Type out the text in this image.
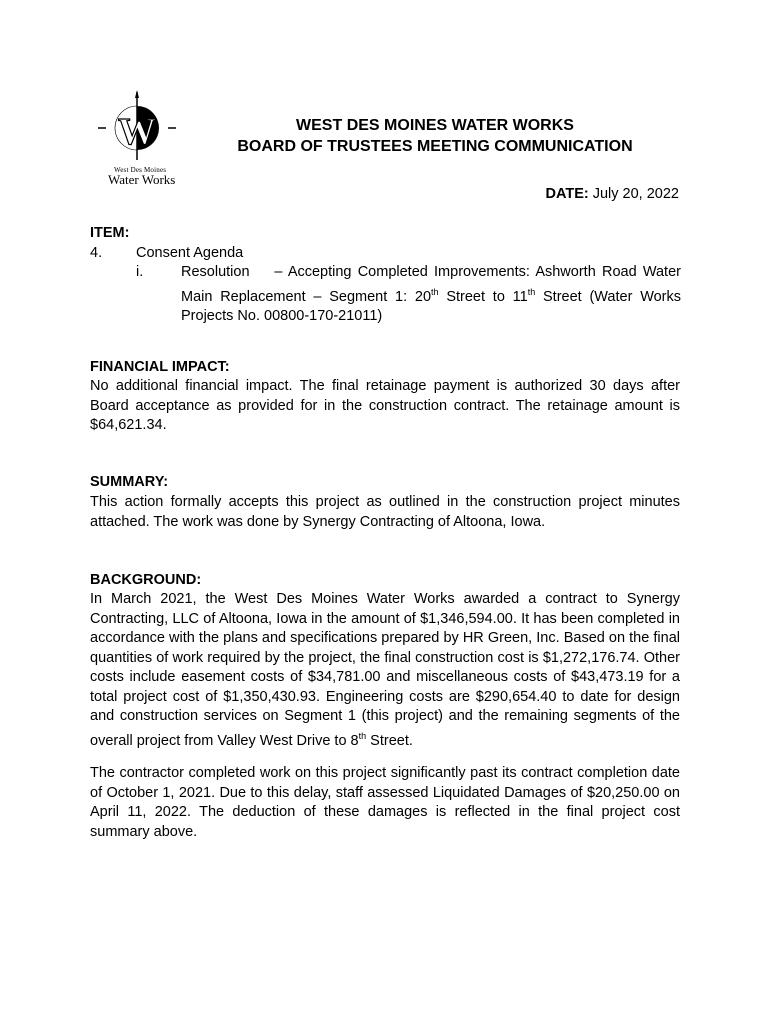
W
West Des Moines
Water Works
WEST DES MOINES WATER WORKS
BOARD OF TRUSTEES MEETING COMMUNICATION
DATE: July 20, 2022
ITEM:
4. Consent Agenda
i.	Resolution – Accepting Completed Improvements: Ashworth Road Water Main Replacement – Segment 1: 20th Street to 11th Street (Water Works Projects No. 00800-170-21011)
FINANCIAL IMPACT:
No additional financial impact. The final retainage payment is authorized 30 days after Board acceptance as provided for in the construction contract. The retainage amount is $64,621.34.
SUMMARY:
This action formally accepts this project as outlined in the construction project minutes attached. The work was done by Synergy Contracting of Altoona, Iowa.
BACKGROUND:
In March 2021, the West Des Moines Water Works awarded a contract to Synergy Contracting, LLC of Altoona, Iowa in the amount of $1,346,594.00. It has been completed in accordance with the plans and specifications prepared by HR Green, Inc. Based on the final quantities of work required by the project, the final construction cost is $1,272,176.74. Other costs include easement costs of $34,781.00 and miscellaneous costs of $43,473.19 for a total project cost of $1,350,430.93. Engineering costs are $290,654.40 to date for design and construction services on Segment 1 (this project) and the remaining segments of the overall project from Valley West Drive to 8th Street.
The contractor completed work on this project significantly past its contract completion date of October 1, 2021. Due to this delay, staff assessed Liquidated Damages of $20,250.00 on April 11, 2022. The deduction of these damages is reflected in the final project cost summary above.
